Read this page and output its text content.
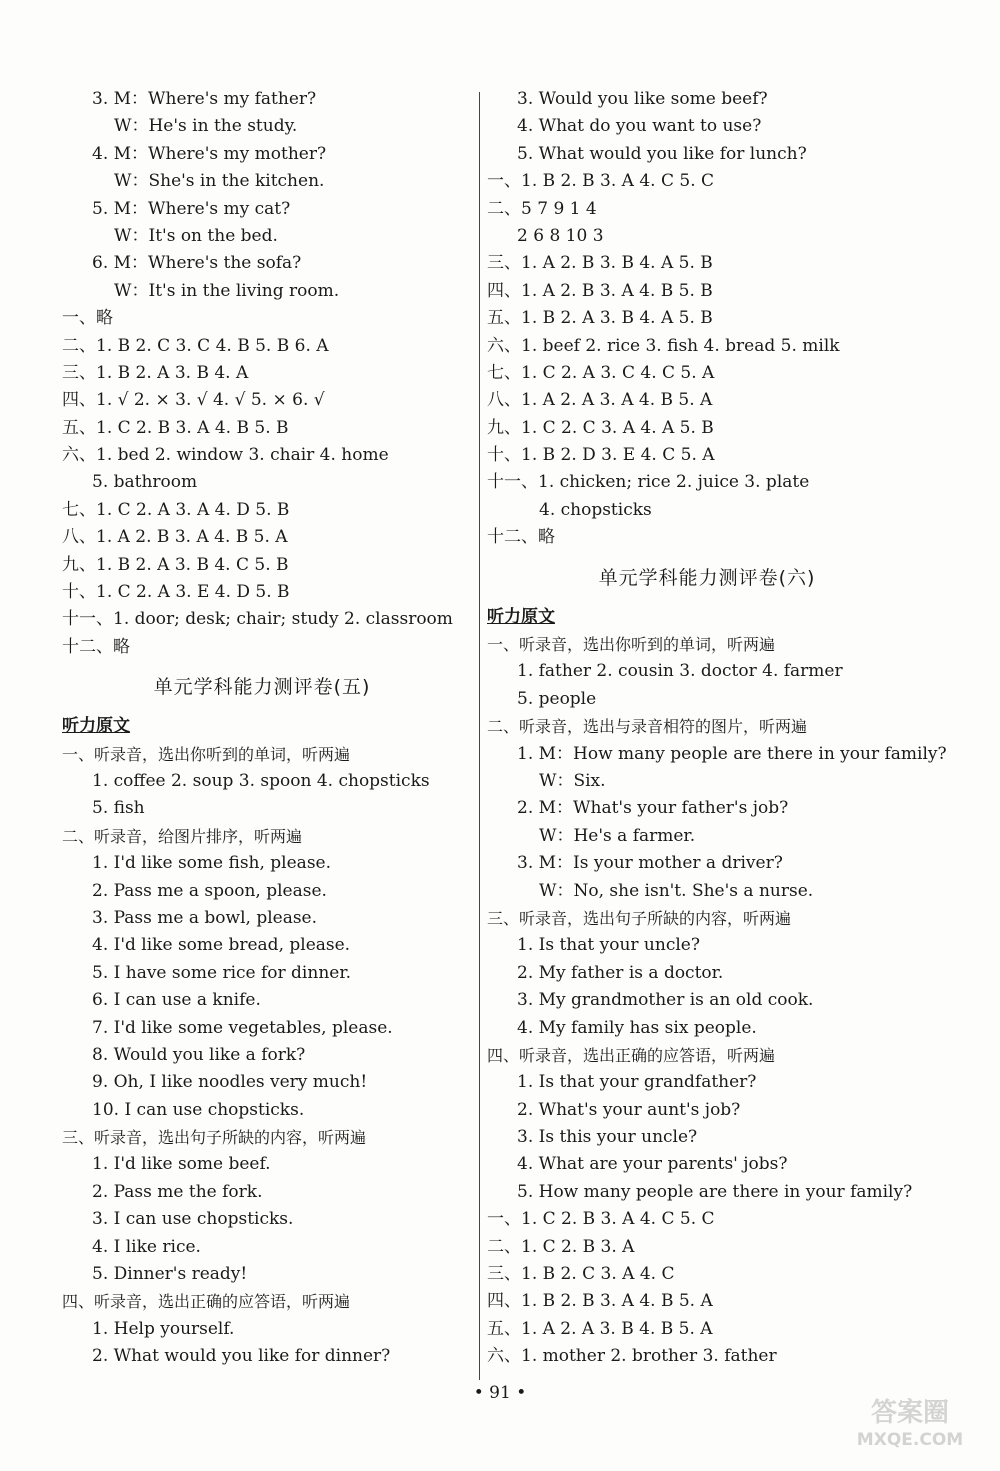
3. M：Where's my father?
W：He's in the study.
4. M：Where's my mother?
W：She's in the kitchen.
5. M：Where's my cat?
W：It's on the bed.
6. M：Where's the sofa?
W：It's in the living room.
一、略
二、1. B 2. C 3. C 4. B 5. B 6. A
三、1. B 2. A 3. B 4. A
四、1. √ 2. × 3. √ 4. √ 5. × 6. √
五、1. C 2. B 3. A 4. B 5. B
六、1. bed 2. window 3. chair 4. home
5. bathroom
七、1. C 2. A 3. A 4. D 5. B
八、1. A 2. B 3. A 4. B 5. A
九、1. B 2. A 3. B 4. C 5. B
十、1. C 2. A 3. E 4. D 5. B
十一、1. door; desk; chair; study 2. classroom
十二、略
单元学科能力测评卷(五)
听力原文
一、听录音，选出你听到的单词，听两遍
1. coffee 2. soup 3. spoon 4. chopsticks
5. fish
二、听录音，给图片排序，听两遍
1. I'd like some fish, please.
2. Pass me a spoon, please.
3. Pass me a bowl, please.
4. I'd like some bread, please.
5. I have some rice for dinner.
6. I can use a knife.
7. I'd like some vegetables, please.
8. Would you like a fork?
9. Oh, I like noodles very much!
10. I can use chopsticks.
三、听录音，选出句子所缺的内容，听两遍
1. I'd like some beef.
2. Pass me the fork.
3. I can use chopsticks.
4. I like rice.
5. Dinner's ready!
四、听录音，选出正确的应答语，听两遍
1. Help yourself.
2. What would you like for dinner?
3. Would you like some beef?
4. What do you want to use?
5. What would you like for lunch?
一、1. B 2. B 3. A 4. C 5. C
二、5 7 9 1 4
2 6 8 10 3
三、1. A 2. B 3. B 4. A 5. B
四、1. A 2. B 3. A 4. B 5. B
五、1. B 2. A 3. B 4. A 5. B
六、1. beef 2. rice 3. fish 4. bread 5. milk
七、1. C 2. A 3. C 4. C 5. A
八、1. A 2. A 3. A 4. B 5. A
九、1. C 2. C 3. A 4. A 5. B
十、1. B 2. D 3. E 4. C 5. A
十一、1. chicken; rice 2. juice 3. plate
4. chopsticks
十二、略
单元学科能力测评卷(六)
听力原文
一、听录音，选出你听到的单词，听两遍
1. father 2. cousin 3. doctor 4. farmer
5. people
二、听录音，选出与录音相符的图片，听两遍
1. M：How many people are there in your family?
W：Six.
2. M：What's your father's job?
W：He's a farmer.
3. M：Is your mother a driver?
W：No, she isn't. She's a nurse.
三、听录音，选出句子所缺的内容，听两遍
1. Is that your uncle?
2. My father is a doctor.
3. My grandmother is an old cook.
4. My family has six people.
四、听录音，选出正确的应答语，听两遍
1. Is that your grandfather?
2. What's your aunt's job?
3. Is this your uncle?
4. What are your parents' jobs?
5. How many people are there in your family?
一、1. C 2. B 3. A 4. C 5. C
二、1. C 2. B 3. A
三、1. B 2. C 3. A 4. C
四、1. B 2. B 3. A 4. B 5. A
五、1. A 2. A 3. B 4. B 5. A
六、1. mother 2. brother 3. father
• 91 •
答案圈
MXQE.COM
